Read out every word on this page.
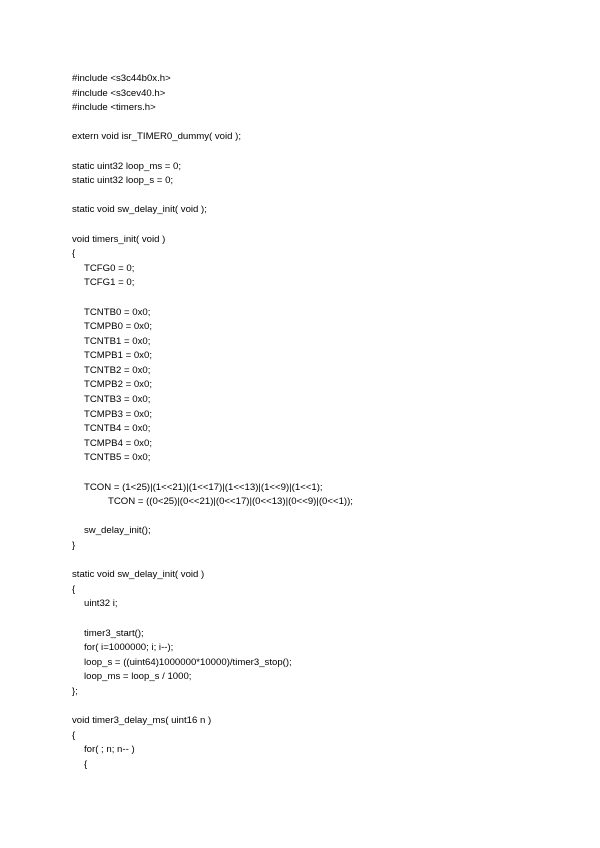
#include <s3c44b0x.h>
#include <s3cev40.h>
#include <timers.h>
extern void isr_TIMER0_dummy( void );
static uint32 loop_ms = 0;
static uint32 loop_s = 0;
static void sw_delay_init( void );
void timers_init( void )
{
TCFG0 = 0;
TCFG1 = 0;
TCNTB0 = 0x0;
TCMPB0 = 0x0;
TCNTB1 = 0x0;
TCMPB1 = 0x0;
TCNTB2 = 0x0;
TCMPB2 = 0x0;
TCNTB3 = 0x0;
TCMPB3 = 0x0;
TCNTB4 = 0x0;
TCMPB4 = 0x0;
TCNTB5 = 0x0;
TCON = (1<25)|(1<<21)|(1<<17)|(1<<13)|(1<<9)|(1<<1);
TCON = ((0<25)|(0<<21)|(0<<17)|(0<<13)|(0<<9)|(0<<1));
sw_delay_init();
}
static void sw_delay_init( void )
{
uint32 i;
timer3_start();
for( i=1000000; i; i--);
loop_s = ((uint64)1000000*10000)/timer3_stop();
loop_ms = loop_s / 1000;
};
void timer3_delay_ms( uint16 n )
{
for( ; n; n-- )
{
